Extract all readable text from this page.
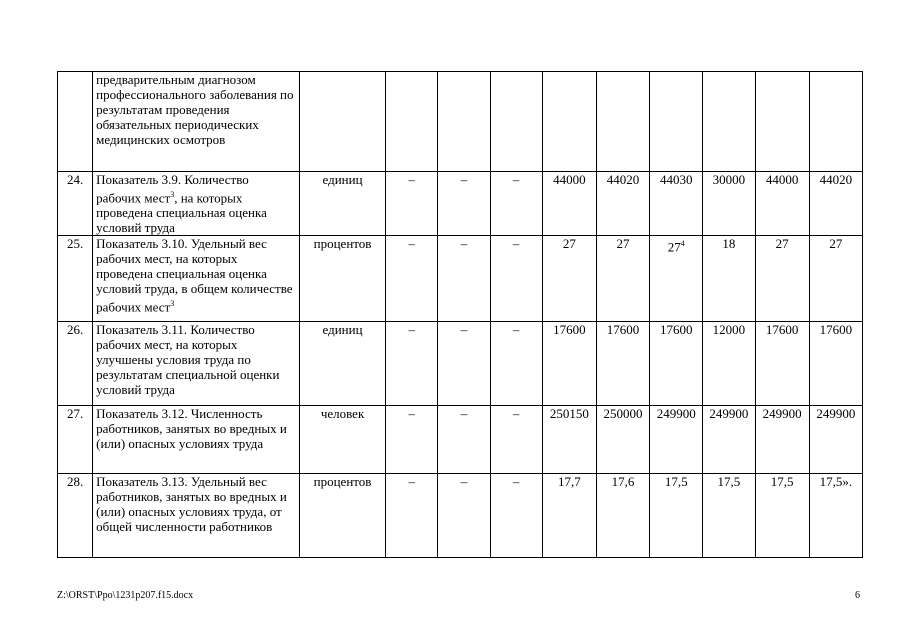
	предварительным диагнозом профессионального заболевания по результатам проведения обязательных периодических медицинских осмотров										
24.	Показатель 3.9. Количество рабочих мест$^3$, на которых проведена специальная оценка условий труда	единиц	–	–	–	44000	44020	44030	30000	44000	44020
25.	Показатель 3.10. Удельный вес рабочих мест, на которых проведена специальная оценка условий труда, в общем количестве рабочих мест$^3$	процентов	–	–	–	27	27	$27^4$	18	27	27
26.	Показатель 3.11. Количество рабочих мест, на которых улучшены условия труда по результатам специальной оценки условий труда	единиц	–	–	–	17600	17600	17600	12000	17600	17600
27.	Показатель 3.12. Численность работников, занятых во вредных и (или) опасных условиях труда	человек	–	–	–	250150	250000	249900	249900	249900	249900
28.	Показатель 3.13. Удельный вес работников, занятых во вредных и (или) опасных условиях труда, от общей численности работников	процентов	–	–	–	17,7	17,6	17,5	17,5	17,5	17,5».
Z:\ORST\Ppo\1231p207.f15.docx	6
